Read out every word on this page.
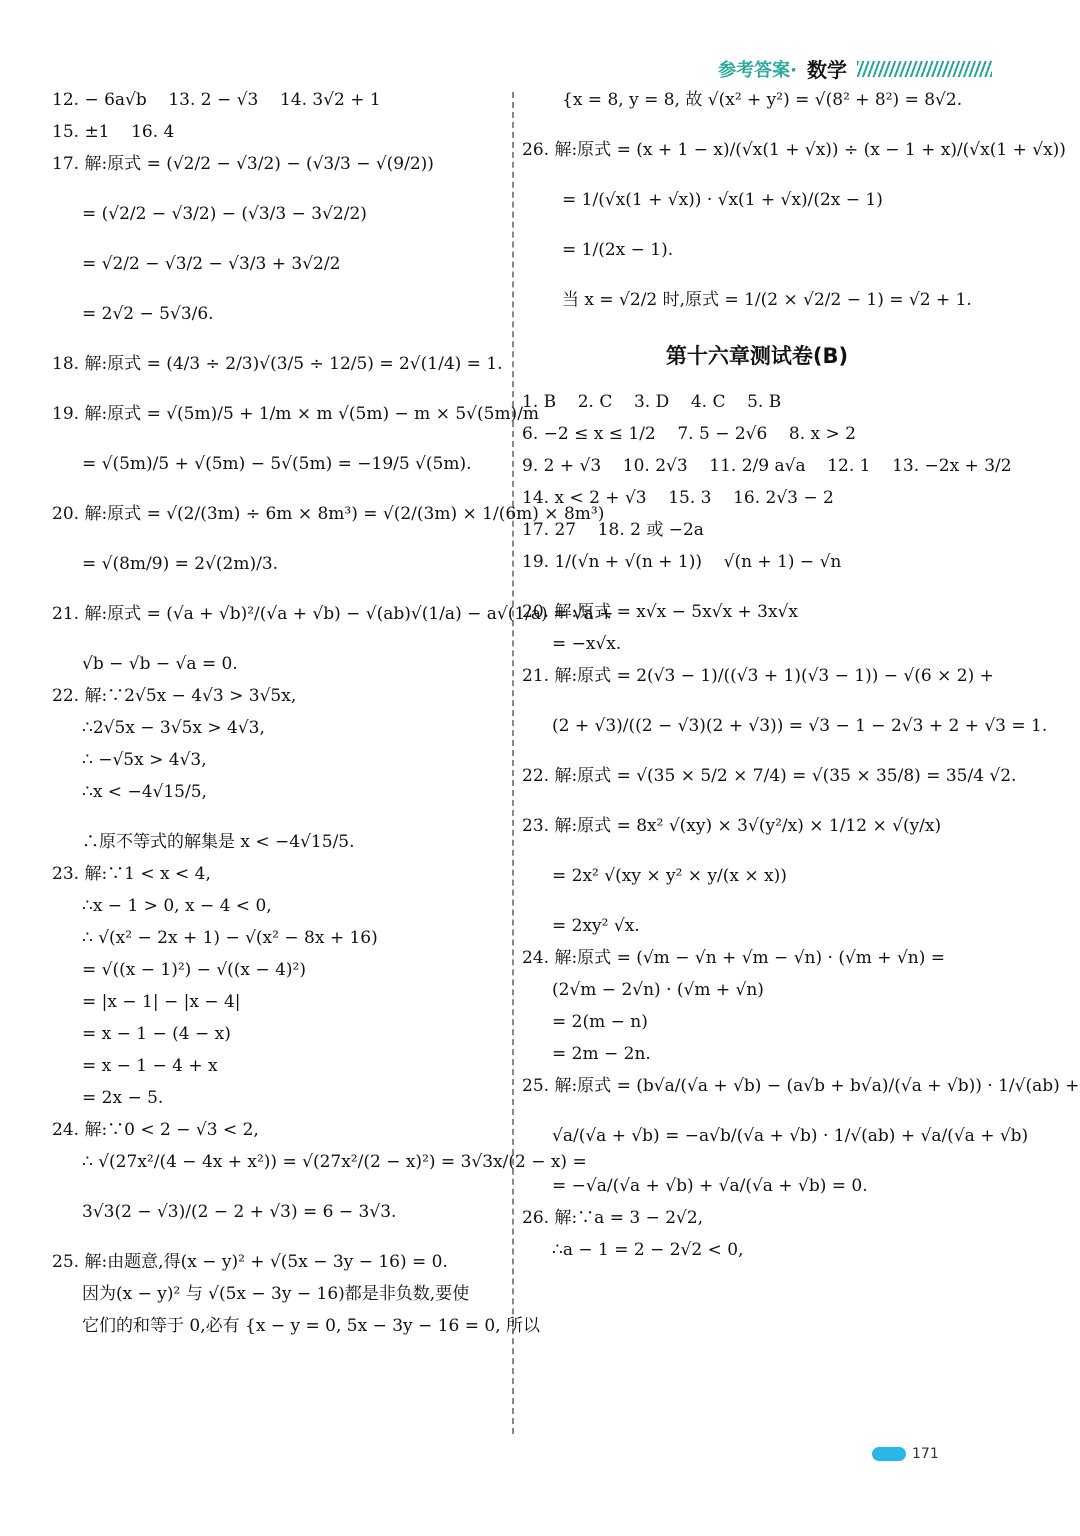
参考答案· 数学
12. − 6a√b    13. 2 − √3    14. 3√2 + 1
15. ±1    16. 4
17. 解:原式 = (√2/2 − √3/2) − (√3/3 − √(9/2))
= (√2/2 − √3/2) − (√3/3 − 3√2/2)
= √2/2 − √3/2 − √3/3 + 3√2/2
= 2√2 − 5√3/6.
18. 解:原式 = (4/3 ÷ 2/3)√(3/5 ÷ 12/5) = 2√(1/4) = 1.
19. 解:原式 = √(5m)/5 + 1/m × m √(5m) − m × 5√(5m)/m
= √(5m)/5 + √(5m) − 5√(5m) = −19/5 √(5m).
20. 解:原式 = √(2/(3m) ÷ 6m × 8m³) = √(2/(3m) × 1/(6m) × 8m³)
= √(8m/9) = 2√(2m)/3.
21. 解:原式 = (√a + √b)²/(√a + √b) − √(ab)√(1/a) − a√(1/a) = √a +
√b − √b − √a = 0.
22. 解:∵2√5x − 4√3 > 3√5x,
∴2√5x − 3√5x > 4√3,
∴ −√5x > 4√3,
∴x < −4√15/5,
∴原不等式的解集是 x < −4√15/5.
23. 解:∵1 < x < 4,
∴x − 1 > 0, x − 4 < 0,
∴ √(x² − 2x + 1) − √(x² − 8x + 16)
= √((x − 1)²) − √((x − 4)²)
= |x − 1| − |x − 4|
= x − 1 − (4 − x)
= x − 1 − 4 + x
= 2x − 5.
24. 解:∵0 < 2 − √3 < 2,
∴ √(27x²/(4 − 4x + x²)) = √(27x²/(2 − x)²) = 3√3x/(2 − x) =
3√3(2 − √3)/(2 − 2 + √3) = 6 − 3√3.
25. 解:由题意,得(x − y)² + √(5x − 3y − 16) = 0.
因为(x − y)² 与 √(5x − 3y − 16)都是非负数,要使
它们的和等于 0,必有 {x − y = 0, 5x − 3y − 16 = 0, 所以
{x = 8, y = 8, 故 √(x² + y²) = √(8² + 8²) = 8√2.
26. 解:原式 = (x + 1 − x)/(√x(1 + √x)) ÷ (x − 1 + x)/(√x(1 + √x))
= 1/(√x(1 + √x)) · √x(1 + √x)/(2x − 1)
= 1/(2x − 1).
当 x = √2/2 时,原式 = 1/(2 × √2/2 − 1) = √2 + 1.
第十六章测试卷(B)
1. B    2. C    3. D    4. C    5. B
6. −2 ≤ x ≤ 1/2    7. 5 − 2√6    8. x > 2
9. 2 + √3    10. 2√3    11. 2/9 a√a    12. 1    13. −2x + 3/2
14. x < 2 + √3    15. 3    16. 2√3 − 2
17. 27    18. 2 或 −2a
19. 1/(√n + √(n + 1))    √(n + 1) − √n
20. 解:原式 = x√x − 5x√x + 3x√x
= −x√x.
21. 解:原式 = 2(√3 − 1)/((√3 + 1)(√3 − 1)) − √(6 × 2) +
(2 + √3)/((2 − √3)(2 + √3)) = √3 − 1 − 2√3 + 2 + √3 = 1.
22. 解:原式 = √(35 × 5/2 × 7/4) = √(35 × 35/8) = 35/4 √2.
23. 解:原式 = 8x² √(xy) × 3√(y²/x) × 1/12 × √(y/x)
= 2x² √(xy × y² × y/(x × x))
= 2xy² √x.
24. 解:原式 = (√m − √n + √m − √n) · (√m + √n) =
(2√m − 2√n) · (√m + √n)
= 2(m − n)
= 2m − 2n.
25. 解:原式 = (b√a/(√a + √b) − (a√b + b√a)/(√a + √b)) · 1/√(ab) +
√a/(√a + √b) = −a√b/(√a + √b) · 1/√(ab) + √a/(√a + √b)
= −√a/(√a + √b) + √a/(√a + √b) = 0.
26. 解:∵a = 3 − 2√2,
∴a − 1 = 2 − 2√2 < 0,
171
